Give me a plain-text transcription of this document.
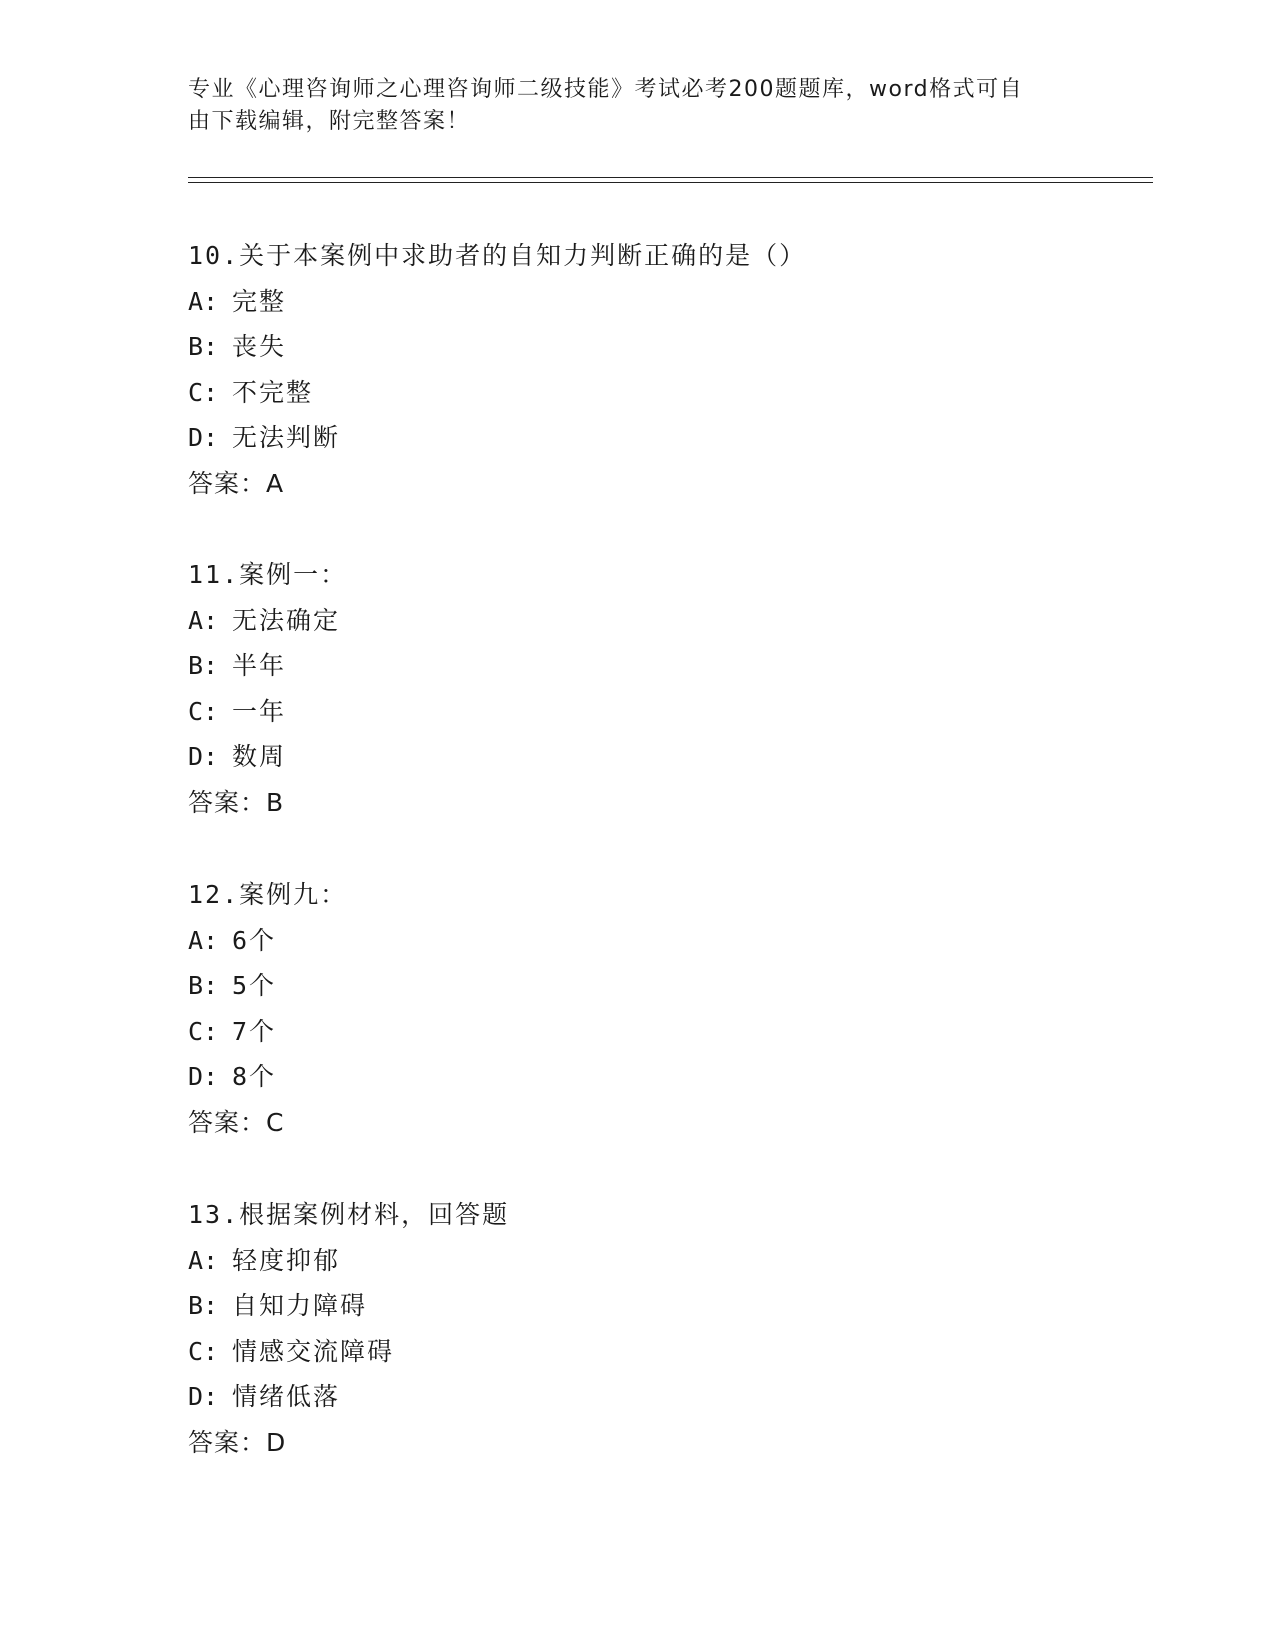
专业《心理咨询师之心理咨询师二级技能》考试必考200题题库，word格式可自
由下载编辑，附完整答案！
10.关于本案例中求助者的自知力判断正确的是（）
A: 完整
B: 丧失
C: 不完整
D: 无法判断
答案：A
11.案例一：
A: 无法确定
B: 半年
C: 一年
D: 数周
答案：B
12.案例九：
A: 6个
B: 5个
C: 7个
D: 8个
答案：C
13.根据案例材料，回答题
A: 轻度抑郁
B: 自知力障碍
C: 情感交流障碍
D: 情绪低落
答案：D
